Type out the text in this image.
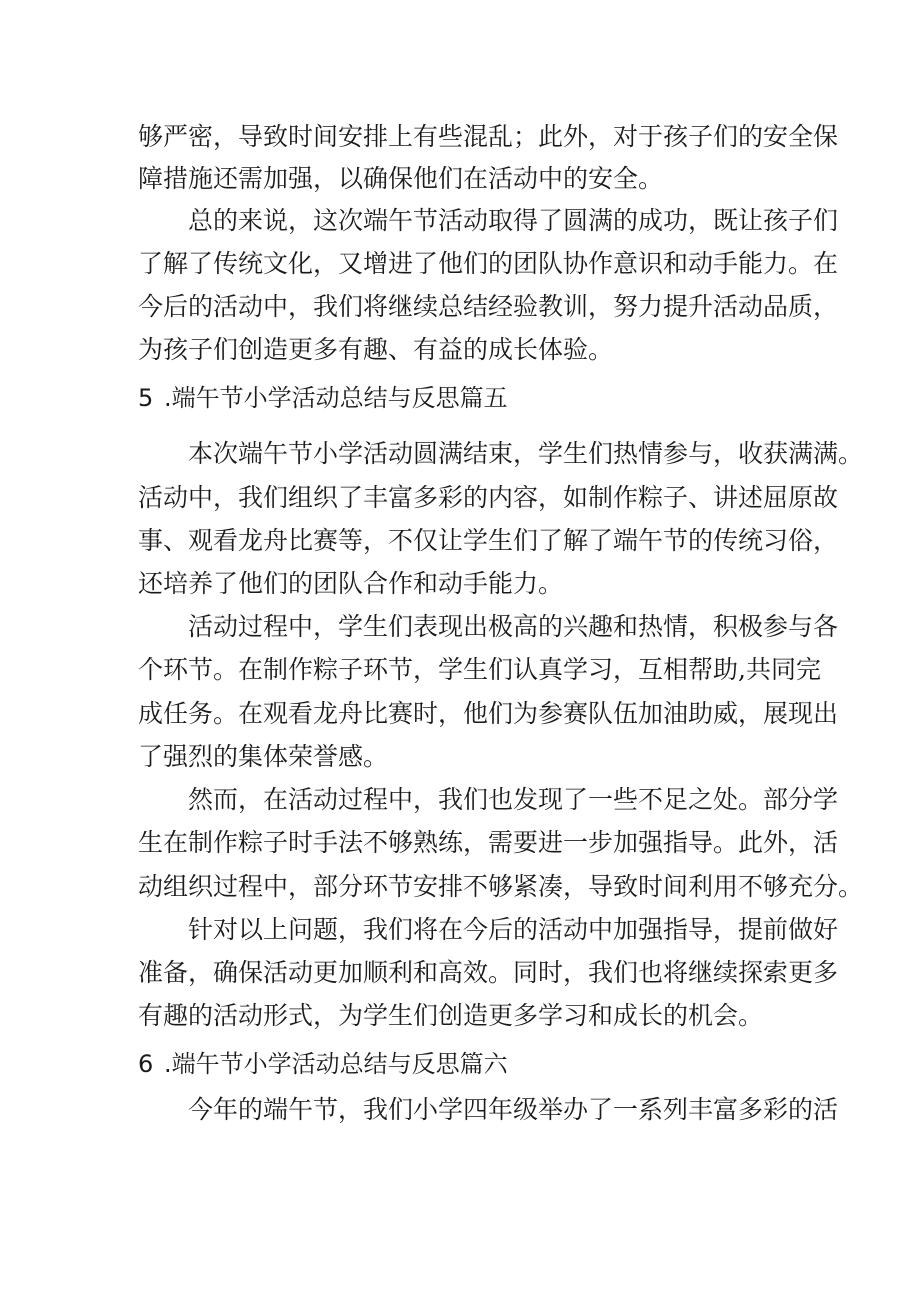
够严密，导致时间安排上有些混乱；此外，对于孩子们的安全保
障措施还需加强，以确保他们在活动中的安全。
总的来说，这次端午节活动取得了圆满的成功，既让孩子们
了解了传统文化，又增进了他们的团队协作意识和动手能力。在
今后的活动中，我们将继续总结经验教训，努力提升活动品质，
为孩子们创造更多有趣、有益的成长体验。
5 .端午节小学活动总结与反思篇五
本次端午节小学活动圆满结束，学生们热情参与，收获满满。
活动中，我们组织了丰富多彩的内容，如制作粽子、讲述屈原故
事、观看龙舟比赛等，不仅让学生们了解了端午节的传统习俗，
还培养了他们的团队合作和动手能力。
活动过程中，学生们表现出极高的兴趣和热情，积极参与各
个环节。在制作粽子环节，学生们认真学习，互相帮助,共同完
成任务。在观看龙舟比赛时，他们为参赛队伍加油助威，展现出
了强烈的集体荣誉感。
然而，在活动过程中，我们也发现了一些不足之处。部分学
生在制作粽子时手法不够熟练，需要进一步加强指导。此外，活
动组织过程中，部分环节安排不够紧凑，导致时间利用不够充分。
针对以上问题，我们将在今后的活动中加强指导，提前做好
准备，确保活动更加顺利和高效。同时，我们也将继续探索更多
有趣的活动形式，为学生们创造更多学习和成长的机会。
6 .端午节小学活动总结与反思篇六
今年的端午节，我们小学四年级举办了一系列丰富多彩的活
